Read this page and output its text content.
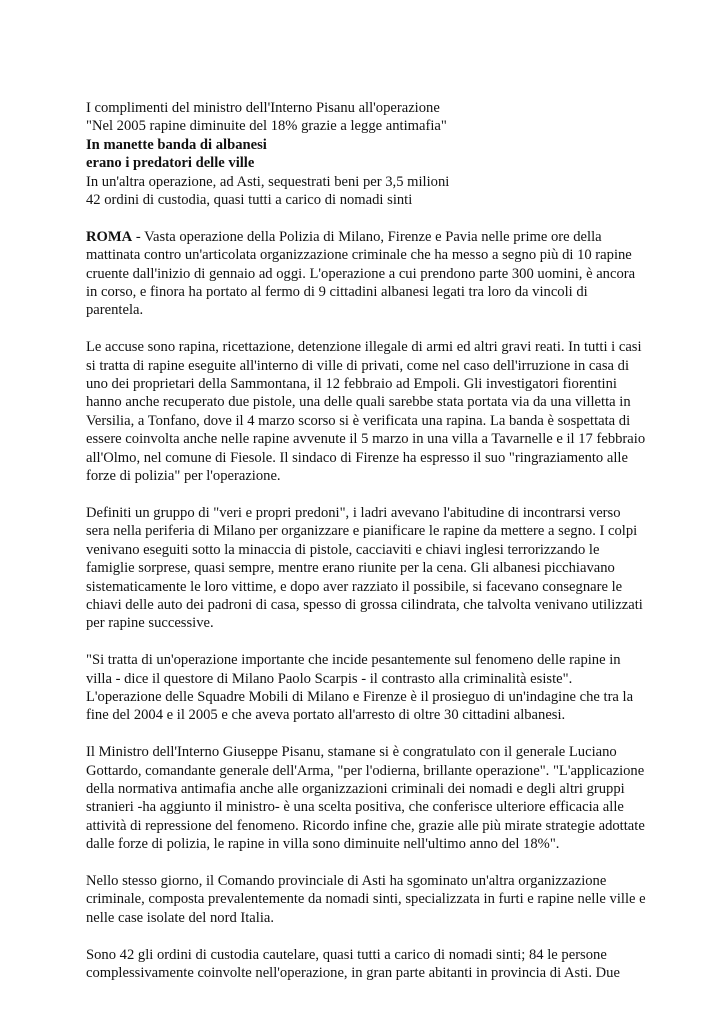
I complimenti del ministro dell'Interno Pisanu all'operazione
"Nel 2005 rapine diminuite del 18% grazie a legge antimafia"
In manette banda di albanesi
erano i predatori delle ville
In un'altra operazione, ad Asti, sequestrati beni per 3,5 milioni
42 ordini di custodia, quasi tutti a carico di nomadi sinti

ROMA - Vasta operazione della Polizia di Milano, Firenze e Pavia nelle prime ore della mattinata contro un'articolata organizzazione criminale che ha messo a segno più di 10 rapine cruente dall'inizio di gennaio ad oggi. L'operazione a cui prendono parte 300 uomini, è ancora in corso, e finora ha portato al fermo di 9 cittadini albanesi legati tra loro da vincoli di parentela.

Le accuse sono rapina, ricettazione, detenzione illegale di armi ed altri gravi reati. In tutti i casi si tratta di rapine eseguite all'interno di ville di privati, come nel caso dell'irruzione in casa di uno dei proprietari della Sammontana, il 12 febbraio ad Empoli. Gli investigatori fiorentini hanno anche recuperato due pistole, una delle quali sarebbe stata portata via da una villetta in Versilia, a Tonfano, dove il 4 marzo scorso si è verificata una rapina. La banda è sospettata di essere coinvolta anche nelle rapine avvenute il 5 marzo in una villa a Tavarnelle e il 17 febbraio all'Olmo, nel comune di Fiesole. Il sindaco di Firenze ha espresso il suo "ringraziamento alle forze di polizia" per l'operazione.

Definiti un gruppo di "veri e propri predoni", i ladri avevano l'abitudine di incontrarsi verso sera nella periferia di Milano per organizzare e pianificare le rapine da mettere a segno. I colpi venivano eseguiti sotto la minaccia di pistole, cacciaviti e chiavi inglesi terrorizzando le famiglie sorprese, quasi sempre, mentre erano riunite per la cena. Gli albanesi picchiavano sistematicamente le loro vittime, e dopo aver razziato il possibile, si facevano consegnare le chiavi delle auto dei padroni di casa, spesso di grossa cilindrata, che talvolta venivano utilizzati per rapine successive.

"Si tratta di un'operazione importante che incide pesantemente sul fenomeno delle rapine in villa - dice il questore di Milano Paolo Scarpis - il contrasto alla criminalità esiste". L'operazione delle Squadre Mobili di Milano e Firenze è il prosieguo di un'indagine che tra la fine del 2004 e il 2005 e che aveva portato all'arresto di oltre 30 cittadini albanesi.

Il Ministro dell'Interno Giuseppe Pisanu, stamane si è congratulato con il generale Luciano Gottardo, comandante generale dell'Arma, "per l'odierna, brillante operazione". "L'applicazione della normativa antimafia anche alle organizzazioni criminali dei nomadi e degli altri gruppi stranieri -ha aggiunto il ministro- è una scelta positiva, che conferisce ulteriore efficacia alle attività di repressione del fenomeno. Ricordo infine che, grazie alle più mirate strategie adottate dalle forze di polizia, le rapine in villa sono diminuite nell'ultimo anno del 18%".

Nello stesso giorno, il Comando provinciale di Asti ha sgominato un'altra organizzazione criminale, composta prevalentemente da nomadi sinti, specializzata in furti e rapine nelle ville e nelle case isolate del nord Italia.

Sono 42 gli ordini di custodia cautelare, quasi tutti a carico di nomadi sinti; 84 le persone complessivamente coinvolte nell'operazione, in gran parte abitanti in provincia di Asti. Due
